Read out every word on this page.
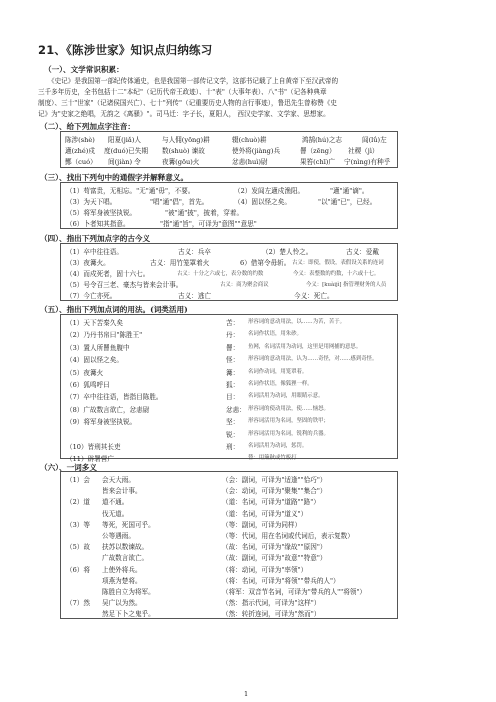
21、《陈涉世家》知识点归纳练习
（一）、文学常识积累：
《史记》是我国第一部纪传体通史，也是我国第一部传记文学，这部书记载了上自黄帝下至汉武帝的
三千多年历史，全书包括十二"本纪"（记历代帝王政迹）、十"表"（大事年表）、八"书"（记各种典章
制度）、三十"世家"（记诸侯国兴亡）、七十"列传"（记重要历史人物的言行事迹），鲁迅先生曾称赞《史
记》为"史家之绝唱，无韵之《离骚》"。司马迁：字子长，夏阳人， 西汉史学家、文学家、思想家。
（二）、给下列加点字注音：
陈涉(shè) 阳夏(jiǎ)人	与人佣(yōng)耕	辍(chuò)耕	鸿鹄(hú)之志	闾(lǘ)左
適(zhé)戍 度(duó)已失期 数(shuò) 谏故	使外将(jiàng)兵	罾（zēng） 社稷（jì）
酂（cuó） 间(jiàn) 令	夜篝(gōu)火	忿恚(huì)尉	果笞(chī)广 宁(nìng)有种乎
（三）、找出下列句中的通假字并解释意义。
（1）苟富贵，无相忘。"无"通"毋"，不要。	（2）发闾左適戍渔阳。	"適"通"谪"。
（3）为天下唱。	"唱"通"倡"，首先。	（4）固以怪之矣。	"以"通"已"，已经。
（5）将军身被坚执锐。	"被"通"披"，披着，穿着。
（6）卜者知其指意。	"指"通"旨"，可译为"意图""意思"
（四）、指出下列加点字的古今义
（1）卒中往往语。	古义：兵卒	（2）楚人怜之。	古义：爱戴
（3）夜篝火。	古义：用竹笼罩着火	6）借第令毋斩。 古义：即使，假设，表假设关系的连词
（4）而戍死者，固十六七。	古义：十分之六或七，表分数的约数	今义：表整数的约数，十六或十七。
（5）号令召三老、豪杰与皆来会计事。	古义：商为聚会商议	今义：[kuàijì] 指管理财务的人员
（7）今亡亦死。	古义：逃亡	今义：死亡。
（五）、指出下列加点词的用法。(词类活用)
（六）、一词多义
1
（1）天下苦秦久矣	苦： 形容词的意动用法，以……为苦，苦于。
（2）乃丹书帛曰"陈胜王"	丹： 名词作状语，用朱砂。
（3）置人所罾鱼腹中	罾： 鱼网，名词活用为动词，这里是用网捕的意思。
（4）固以怪之矣。	怪： 形容词的意动用法，认为……奇怪，对……感到奇怪。
（5）夜篝火	篝： 名词作动词，用笼罩着。
（6）狐鸣呼曰	狐： 名词作状语，像狐狸一样。
（7）卒中往往语，皆指目陈胜。	目： 名词活用为动词，用眼睛示意。
（8）广故数言欲亡，忿恚尉	忿恚： 形容词的使动用法，使……恼怒。
（9）将军身被坚执锐。	坚： 形容词活用为名词，坚固的铁甲；
锐： 形容词活用为名词，锐利的兵器。
（10）皆刑其长吏	刑： 名词活用为动词，惩罚。
（11）辟署营广	替：用簸秋或竹板打
（1）会 会天大雨。	（会：副词，可译为"适逢""恰巧"）
皆来会计事。	（会：动词，可译为"聚集""集合"）
（2）道 道不通。	（道：名词，可译为"道路""路"）
伐无道。	（道：名词，可译为"道义"）
（3）等 等死，死国可乎。	（等：副词，可译为同样）
公等遇雨。	（等：代词，用在名词或代词后，表示复数）
（5）故 扶苏以数谏故。	（故：名词，可译为"缘故""原因"）
广故数言欲亡。	（故：副词，可译为"故意""特意"）
（6）将 上使外将兵。	（将：动词，可译为"率领"）
项燕为楚将。	（将：名词，可译为"将领""带兵的人"）
陈胜自立为将军。	（将军：双音节名词，可译为"带兵的人""将领"）
（7）然 吴广以为然。	（然：指示代词，可译为"这样"）
然足下卜之鬼乎。	（然：转折连词，可译为"然而"）
